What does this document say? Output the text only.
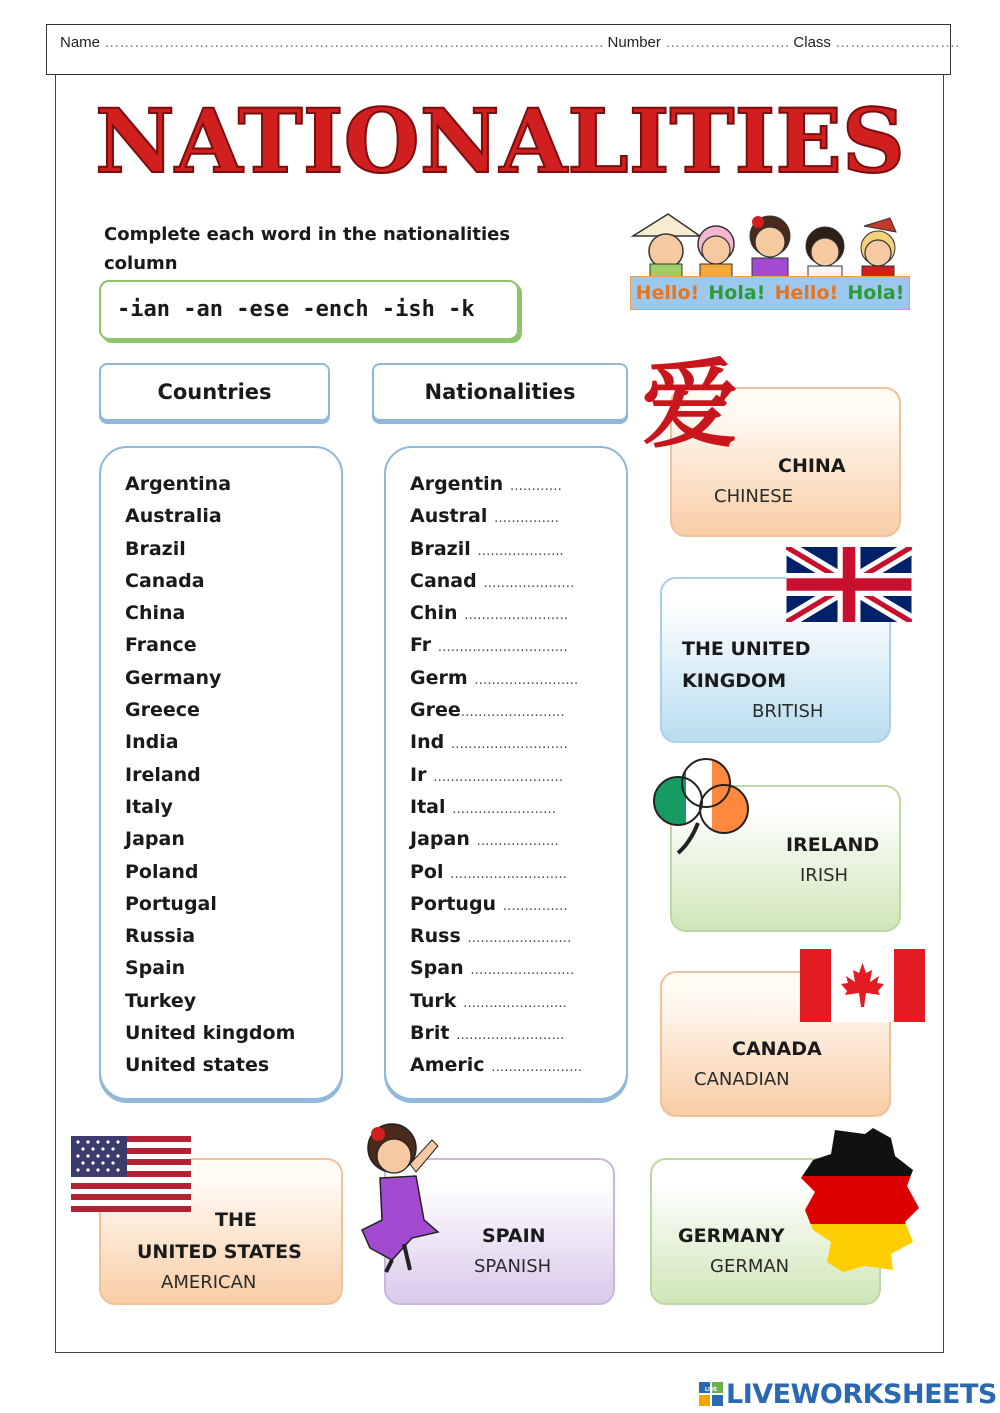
Name ………………………………………………………………………………………. Number ……………………. Class …………………….
NATIONALITIES
Complete each word in the nationalities column
-ian -an -ese -ench -ish -k
Hello! Hola! Hello! Hola!
Countries	Nationalities
Argentina
Australia
Brazil
Canada
China
France
Germany
Greece
India
Ireland
Italy
Japan
Poland
Portugal
Russia
Spain
Turkey
United kingdom
United states
Argentin …………
Austral ……………
Brazil ………………..
Canad …………………
Chin ……………………
Fr …………………………
Germ ……………………
Gree……………………
Ind ………………………
Ir …………………………
Ital ……………………
Japan ……………….
Pol ………………………
Portugu ……………
Russ ……………………
Span ……………………
Turk ……………………
Brit …………………….
Americ …………………
CHINA
CHINESE
爱
THE UNITED
KINGDOM
BRITISH
IRELAND
IRISH
CANADA
CANADIAN
THE
UNITED STATES
AMERICAN
SPAIN
SPANISH
GERMANY
GERMAN
LIVE LIVEWORKSHEETS
